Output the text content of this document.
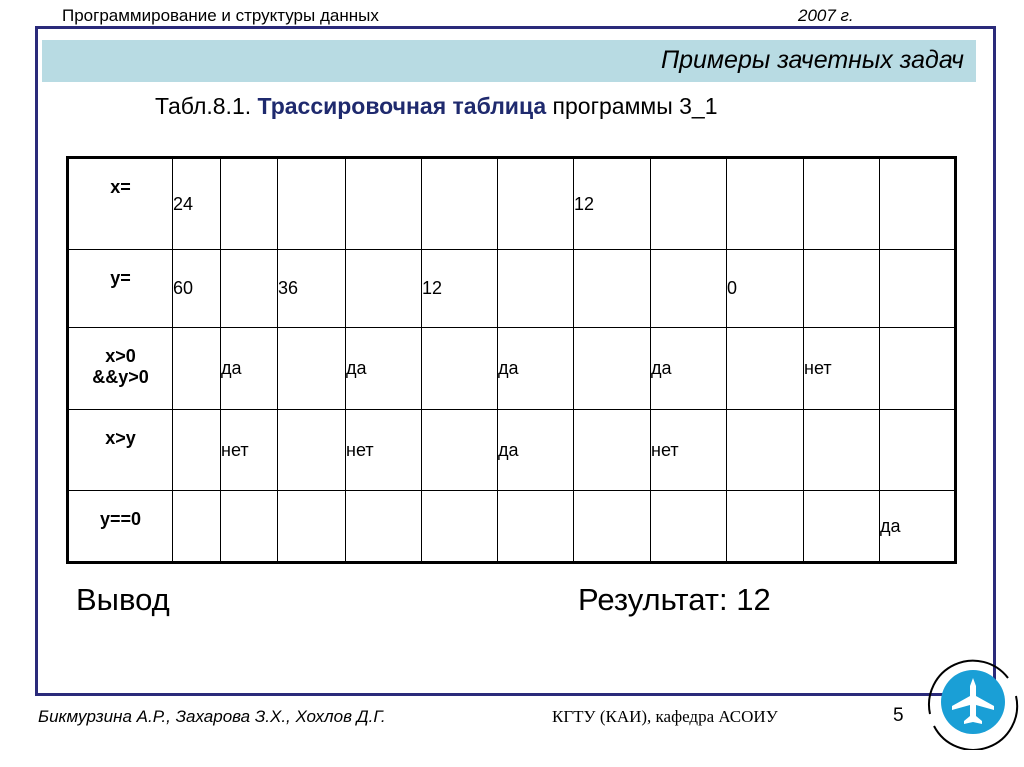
Программирование и структуры данных	2007 г.
Примеры зачетных задач
Табл.8.1. Трассировочная таблица программы 3_1
x=	24						12				
y=	60		36		12				0		
x>0
&&y>0		да		да		да		да		нет	
x>y		нет		нет		да		нет			
y==0											да
Вывод	Результат: 12
Бикмурзина А.Р., Захарова З.Х., Хохлов Д.Г.	КГТУ (КАИ), кафедра АСОИУ	5
